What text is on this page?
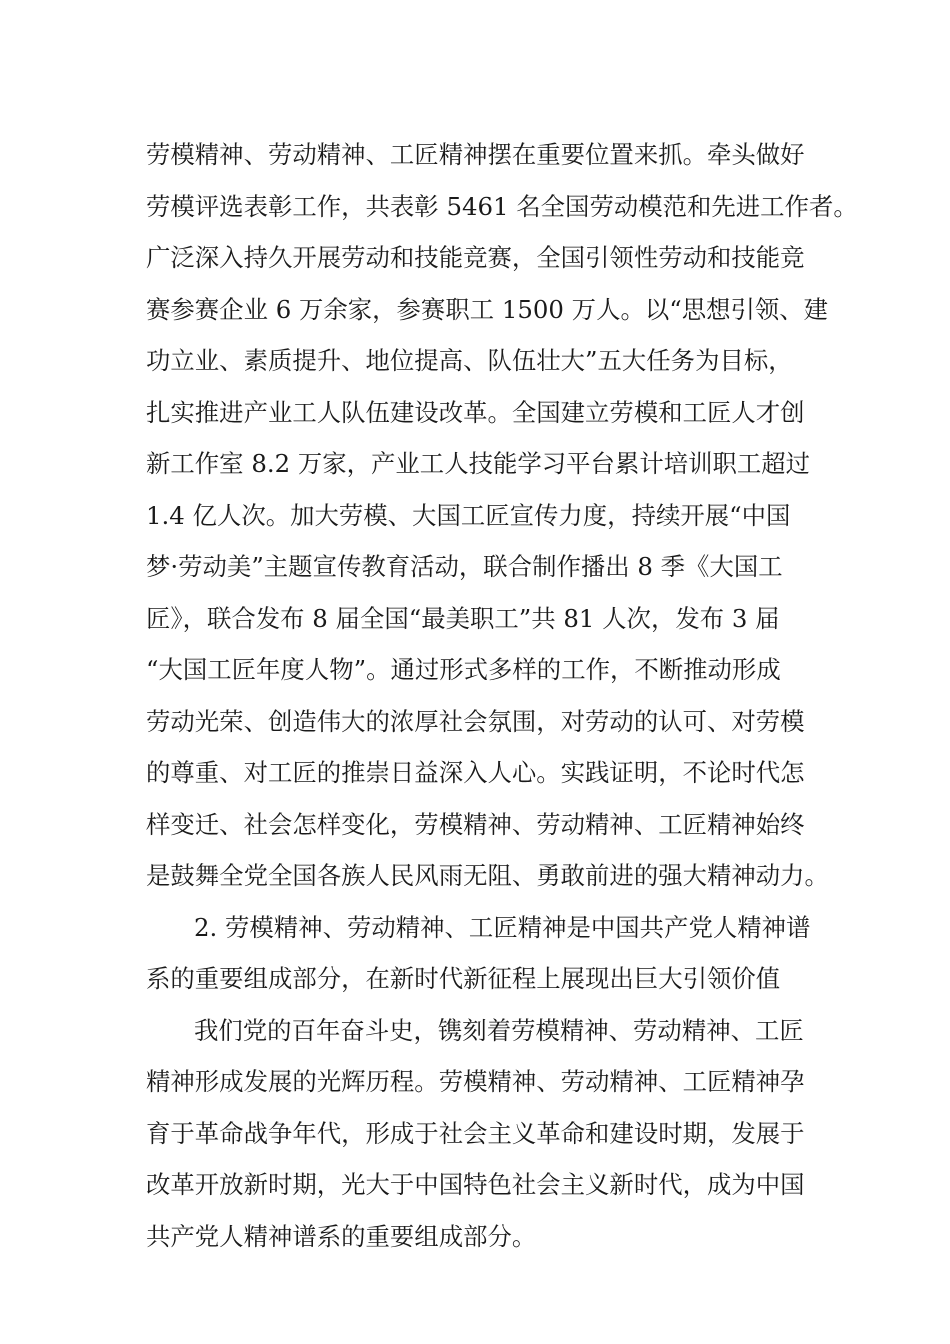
劳模精神、劳动精神、工匠精神摆在重要位置来抓。牵头做好
劳模评选表彰工作，共表彰 5461 名全国劳动模范和先进工作者。
广泛深入持久开展劳动和技能竞赛，全国引领性劳动和技能竞
赛参赛企业 6 万余家，参赛职工 1500 万人。以“思想引领、建
功立业、素质提升、地位提高、队伍壮大”五大任务为目标，
扎实推进产业工人队伍建设改革。全国建立劳模和工匠人才创
新工作室 8.2 万家，产业工人技能学习平台累计培训职工超过
1.4 亿人次。加大劳模、大国工匠宣传力度，持续开展“中国
梦·劳动美”主题宣传教育活动，联合制作播出 8 季《大国工
匠》，联合发布 8 届全国“最美职工”共 81 人次，发布 3 届
“大国工匠年度人物”。通过形式多样的工作，不断推动形成
劳动光荣、创造伟大的浓厚社会氛围，对劳动的认可、对劳模
的尊重、对工匠的推崇日益深入人心。实践证明，不论时代怎
样变迁、社会怎样变化，劳模精神、劳动精神、工匠精神始终
是鼓舞全党全国各族人民风雨无阻、勇敢前进的强大精神动力。
2. 劳模精神、劳动精神、工匠精神是中国共产党人精神谱
系的重要组成部分，在新时代新征程上展现出巨大引领价值
我们党的百年奋斗史，镌刻着劳模精神、劳动精神、工匠
精神形成发展的光辉历程。劳模精神、劳动精神、工匠精神孕
育于革命战争年代，形成于社会主义革命和建设时期，发展于
改革开放新时期，光大于中国特色社会主义新时代，成为中国
共产党人精神谱系的重要组成部分。
